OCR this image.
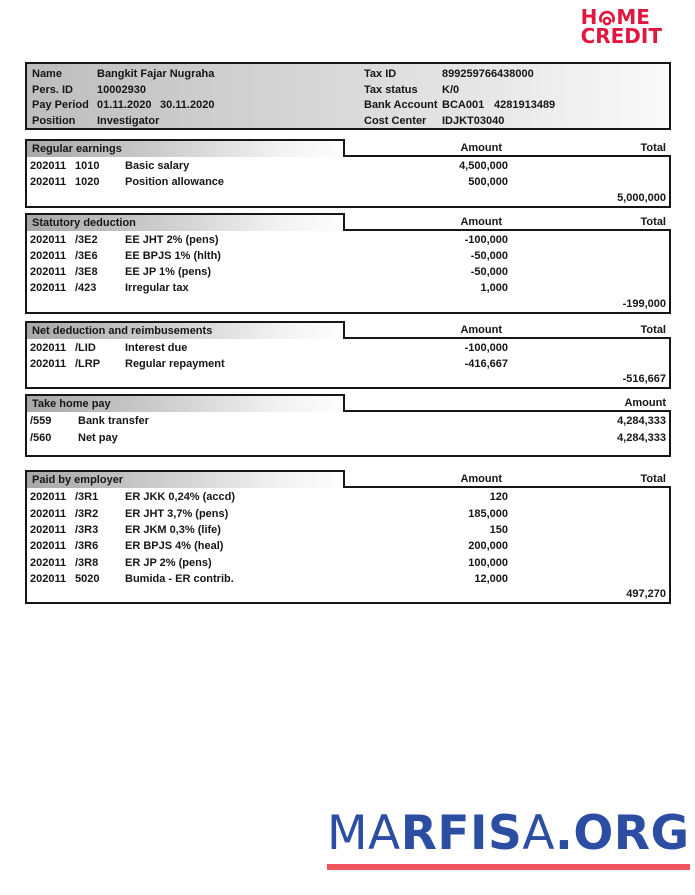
H ME
CREDIT
Name	Bangkit Fajar Nugraha
Pers. ID 10002930
Pay Period 01.11.2020 30.11.2020
Position Investigator
Tax ID	899259766438000
Tax status K/0
Bank Account BCA001 4281913489
Cost Center IDJKT03040
Regular earnings	Amount	Total
202011 1010 Basic salary	4,500,000
202011 1020 Position allowance	500,000
5,000,000
Statutory deduction	Amount	Total
202011 /3E2 EE JHT 2% (pens)	-100,000
202011 /3E6 EE BPJS 1% (hlth)	-50,000
202011 /3E8 EE JP 1% (pens)	-50,000
202011 /423	Irregular tax	1,000
-199,000
Net deduction and reimbusements	Amount	Total
202011 /LID	Interest due	-100,000
202011 /LRP Regular repayment	-416,667
-516,667
Take home pay	Amount
/559 Bank transfer	4,284,333
/560 Net pay	4,284,333
Paid by employer	Amount	Total
202011 /3R1 ER JKK 0,24% (accd)	120
202011 /3R2 ER JHT 3,7% (pens)	185,000
202011 /3R3 ER JKM 0,3% (life)	150
202011 /3R6 ER BPJS 4% (heal)	200,000
202011 /3R8 ER JP 2% (pens)	100,000
202011 5020 Bumida - ER contrib.	12,000
497,270
MARFISA.ORG
